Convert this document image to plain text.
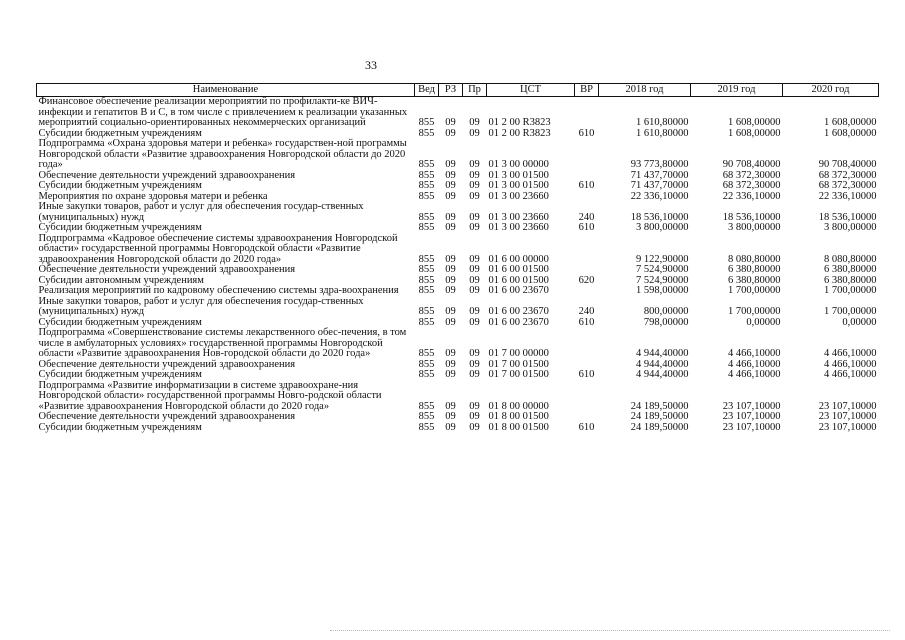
33
Наименование	Вед	РЗ	Пр	ЦСТ	ВР	2018 год	2019 год	2020 год
Финансовое обеспечение реализации мероприятий по профилакти-ке ВИЧ-инфекции и гепатитов В и С, в том числе с привлечением к реализации указанных мероприятий социально-ориентированных некоммерческих организаций	855	09	09	01 2 00 R3823		1 610,80000	1 608,00000	1 608,00000
Субсидии бюджетным учреждениям	855	09	09	01 2 00 R3823	610	1 610,80000	1 608,00000	1 608,00000
Подпрограмма «Охрана здоровья матери и ребенка» государствен-ной программы Новгородской области «Развитие здравоохранения Новгородской области до 2020 года»	855	09	09	01 3 00 00000		93 773,80000	90 708,40000	90 708,40000
Обеспечение деятельности учреждений здравоохранения	855	09	09	01 3 00 01500		71 437,70000	68 372,30000	68 372,30000
Субсидии бюджетным учреждениям	855	09	09	01 3 00 01500	610	71 437,70000	68 372,30000	68 372,30000
Мероприятия по охране здоровья матери и ребенка	855	09	09	01 3 00 23660		22 336,10000	22 336,10000	22 336,10000
Иные закупки товаров, работ и услуг для обеспечения государ-ственных (муниципальных) нужд	855	09	09	01 3 00 23660	240	18 536,10000	18 536,10000	18 536,10000
Субсидии бюджетным учреждениям	855	09	09	01 3 00 23660	610	3 800,00000	3 800,00000	3 800,00000
Подпрограмма «Кадровое обеспечение системы здравоохранения Новгородской области» государственной программы Новгородской области «Развитие здравоохранения Новгородской области до 2020 года»	855	09	09	01 6 00 00000		9 122,90000	8 080,80000	8 080,80000
Обеспечение деятельности учреждений здравоохранения	855	09	09	01 6 00 01500		7 524,90000	6 380,80000	6 380,80000
Субсидии автономным учреждениям	855	09	09	01 6 00 01500	620	7 524,90000	6 380,80000	6 380,80000
Реализация мероприятий по кадровому обеспечению системы здра-воохранения	855	09	09	01 6 00 23670		1 598,00000	1 700,00000	1 700,00000
Иные закупки товаров, работ и услуг для обеспечения государ-ственных (муниципальных) нужд	855	09	09	01 6 00 23670	240	800,00000	1 700,00000	1 700,00000
Субсидии бюджетным учреждениям	855	09	09	01 6 00 23670	610	798,00000	0,00000	0,00000
Подпрограмма «Совершенствование системы лекарственного обес-печения, в том числе в амбулаторных условиях» государственной программы Новгородской области «Развитие здравоохранения Нов-городской области до 2020 года»	855	09	09	01 7 00 00000		4 944,40000	4 466,10000	4 466,10000
Обеспечение деятельности учреждений здравоохранения	855	09	09	01 7 00 01500		4 944,40000	4 466,10000	4 466,10000
Субсидии бюджетным учреждениям	855	09	09	01 7 00 01500	610	4 944,40000	4 466,10000	4 466,10000
Подпрограмма «Развитие информатизации в системе здравоохране-ния Новгородской области» государственной программы Новго-родской области «Развитие здравоохранения Новгородской области до 2020 года»	855	09	09	01 8 00 00000		24 189,50000	23 107,10000	23 107,10000
Обеспечение деятельности учреждений здравоохранения	855	09	09	01 8 00 01500		24 189,50000	23 107,10000	23 107,10000
Субсидии бюджетным учреждениям	855	09	09	01 8 00 01500	610	24 189,50000	23 107,10000	23 107,10000
